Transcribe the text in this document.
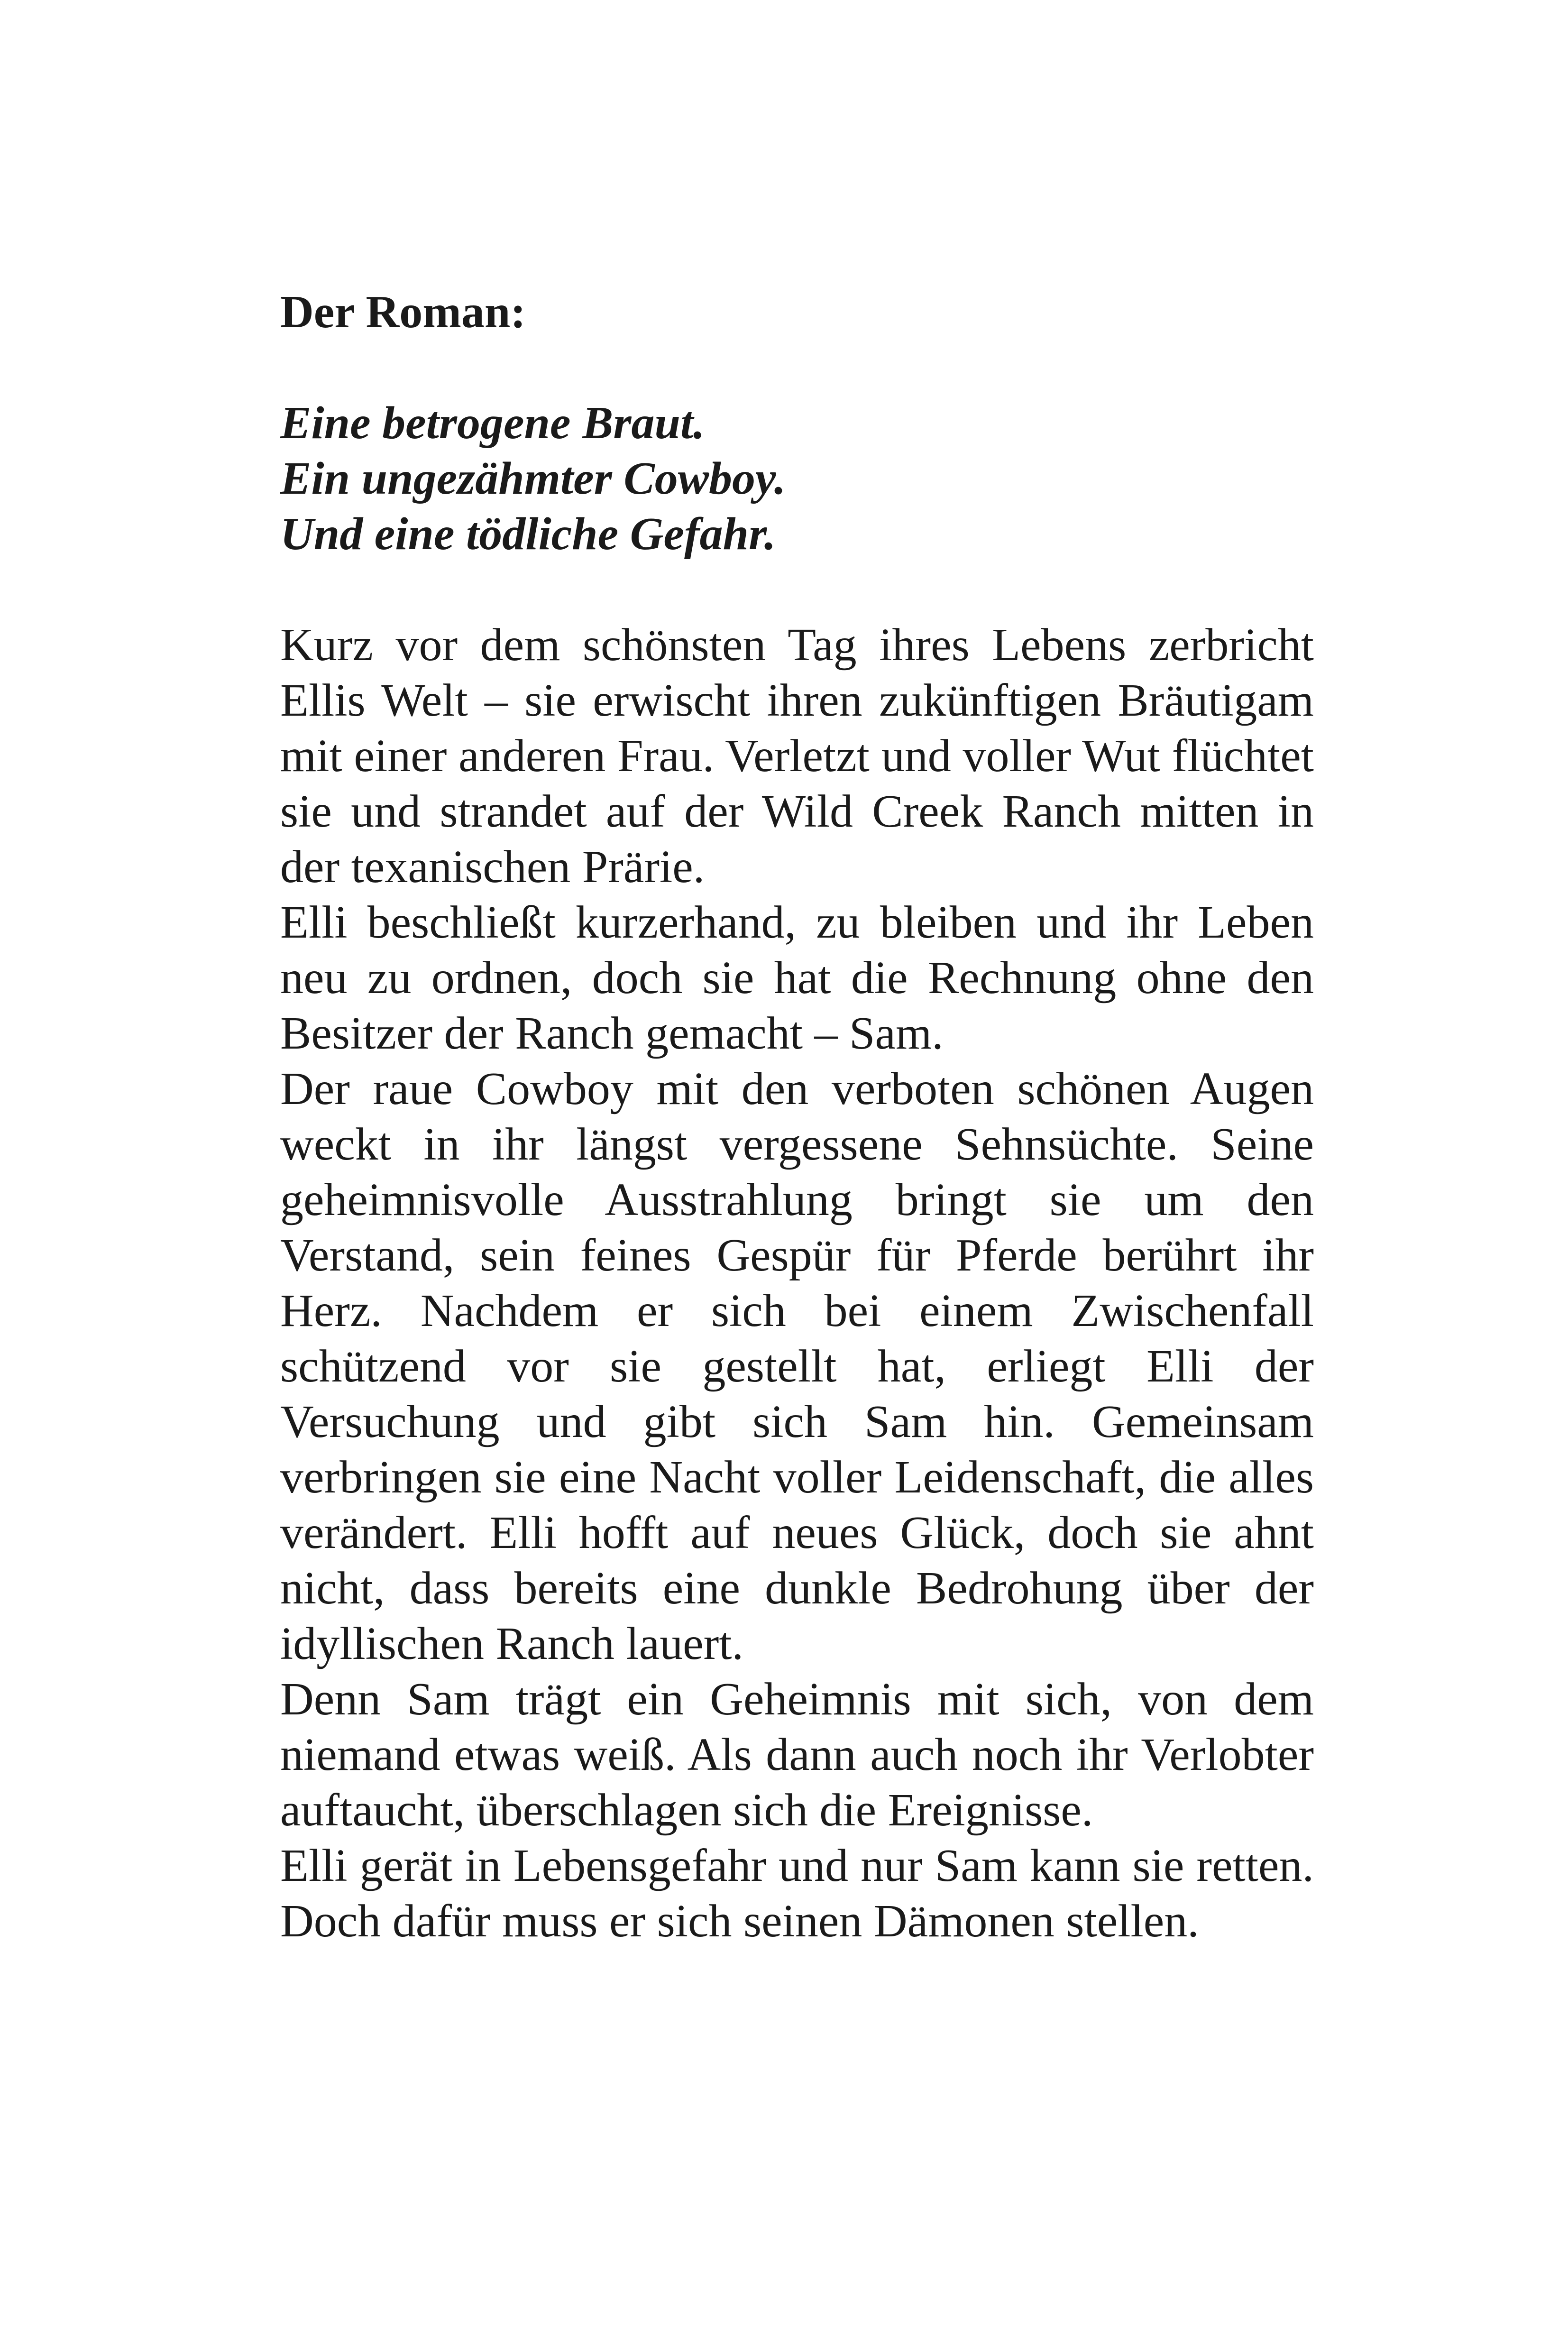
Der Roman:

Eine betrogene Braut.

Ein ungezähmter Cowboy.

Und eine tödliche Gefahr.

Kurz vor dem schönsten Tag ihres Lebens zerbricht Ellis Welt – sie erwischt ihren zukünftigen Bräutigam mit einer anderen Frau. Verletzt und voller Wut flüchtet sie und strandet auf der Wild Creek Ranch mitten in der texanischen Prärie.

Elli beschließt kurzerhand, zu bleiben und ihr Leben neu zu ordnen, doch sie hat die Rechnung ohne den Besitzer der Ranch gemacht – Sam.

Der raue Cowboy mit den verboten schönen Augen weckt in ihr längst vergessene Sehnsüchte. Seine geheimnisvolle Ausstrahlung bringt sie um den Verstand, sein feines Gespür für Pferde berührt ihr Herz. Nachdem er sich bei einem Zwischenfall schützend vor sie gestellt hat, erliegt Elli der Versuchung und gibt sich Sam hin. Gemeinsam verbringen sie eine Nacht voller Leidenschaft, die alles verändert. Elli hofft auf neues Glück, doch sie ahnt nicht, dass bereits eine dunkle Bedrohung über der idyllischen Ranch lauert.

Denn Sam trägt ein Geheimnis mit sich, von dem niemand etwas weiß. Als dann auch noch ihr Verlobter auftaucht, überschlagen sich die Ereignisse.

Elli gerät in Lebensgefahr und nur Sam kann sie retten. Doch dafür muss er sich seinen Dämonen stellen.
